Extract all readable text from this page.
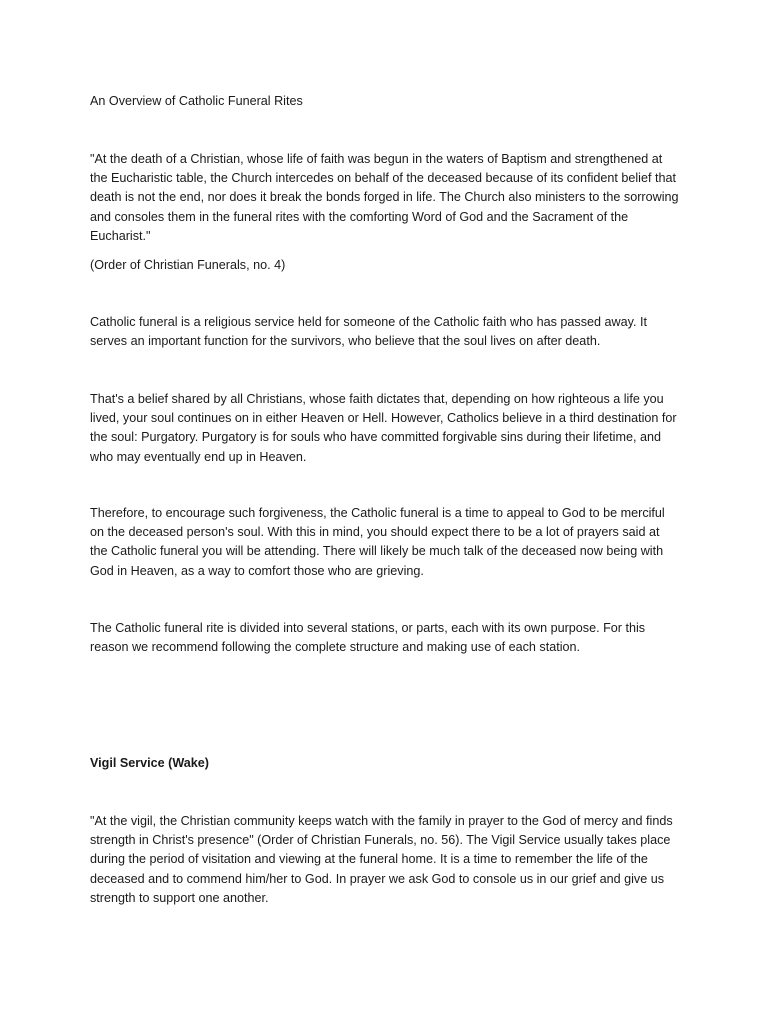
An Overview of Catholic Funeral Rites

"At the death of a Christian, whose life of faith was begun in the waters of Baptism and strengthened at the Eucharistic table, the Church intercedes on behalf of the deceased because of its confident belief that death is not the end, nor does it break the bonds forged in life. The Church also ministers to the sorrowing and consoles them in the funeral rites with the comforting Word of God and the Sacrament of the Eucharist."

(Order of Christian Funerals, no. 4)

Catholic funeral is a religious service held for someone of the Catholic faith who has passed away. It serves an important function for the survivors, who believe that the soul lives on after death.

That's a belief shared by all Christians, whose faith dictates that, depending on how righteous a life you lived, your soul continues on in either Heaven or Hell. However, Catholics believe in a third destination for the soul: Purgatory. Purgatory is for souls who have committed forgivable sins during their lifetime, and who may eventually end up in Heaven.

Therefore, to encourage such forgiveness, the Catholic funeral is a time to appeal to God to be merciful on the deceased person's soul. With this in mind, you should expect there to be a lot of prayers said at the Catholic funeral you will be attending. There will likely be much talk of the deceased now being with God in Heaven, as a way to comfort those who are grieving.

The Catholic funeral rite is divided into several stations, or parts, each with its own purpose. For this reason we recommend following the complete structure and making use of each station.

Vigil Service (Wake)

"At the vigil, the Christian community keeps watch with the family in prayer to the God of mercy and finds strength in Christ's presence" (Order of Christian Funerals, no. 56). The Vigil Service usually takes place during the period of visitation and viewing at the funeral home. It is a time to remember the life of the deceased and to commend him/her to God. In prayer we ask God to console us in our grief and give us strength to support one another.
